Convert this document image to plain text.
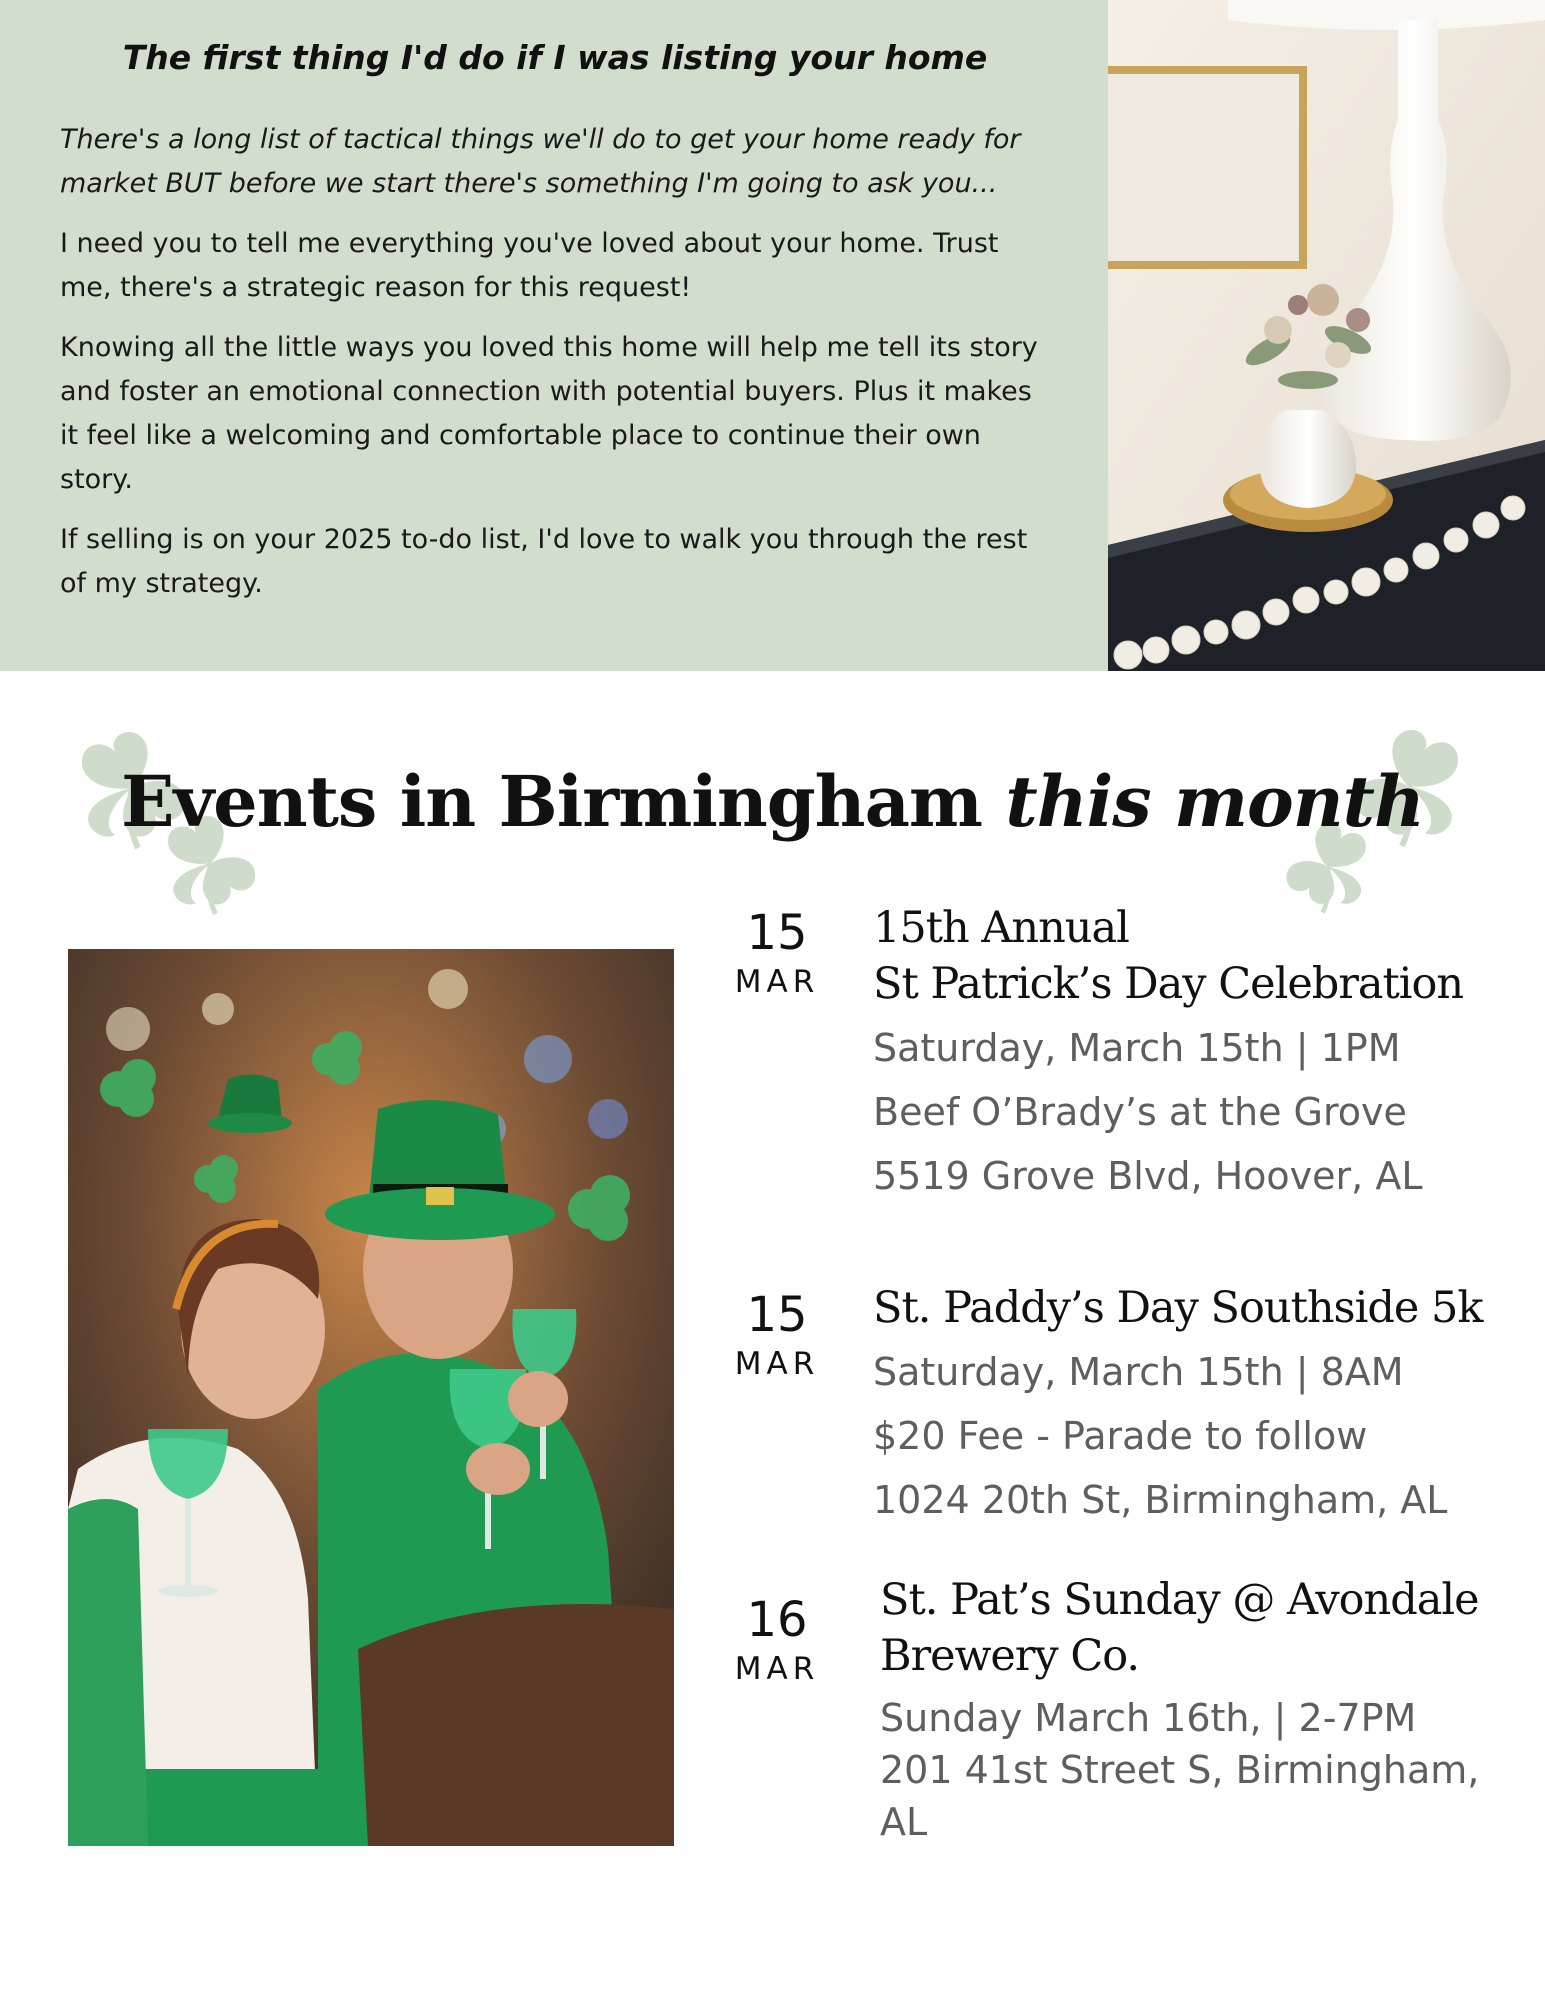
The first thing I'd do if I was listing your home

There's a long list of tactical things we'll do to get your home ready for market BUT before we start there's something I'm going to ask you...

I need you to tell me everything you've loved about your home. Trust me, there's a strategic reason for this request!

Knowing all the little ways you loved this home will help me tell its story and foster an emotional connection with potential buyers. Plus it makes it feel like a welcoming and comfortable place to continue their own story.

If selling is on your 2025 to-do list, I'd love to walk you through the rest of my strategy.

Events in Birmingham this month
15
MAR
15th Annual
St Patrick’s Day Celebration
Saturday, March 15th | 1PM
Beef O’Brady’s at the Grove
5519 Grove Blvd, Hoover, AL
15
MAR
St. Paddy’s Day Southside 5k
Saturday, March 15th | 8AM
$20 Fee - Parade to follow
1024 20th St, Birmingham, AL
16
MAR
St. Pat’s Sunday @ Avondale
Brewery Co.
Sunday March 16th, | 2-7PM
201 41st Street S, Birmingham, AL
